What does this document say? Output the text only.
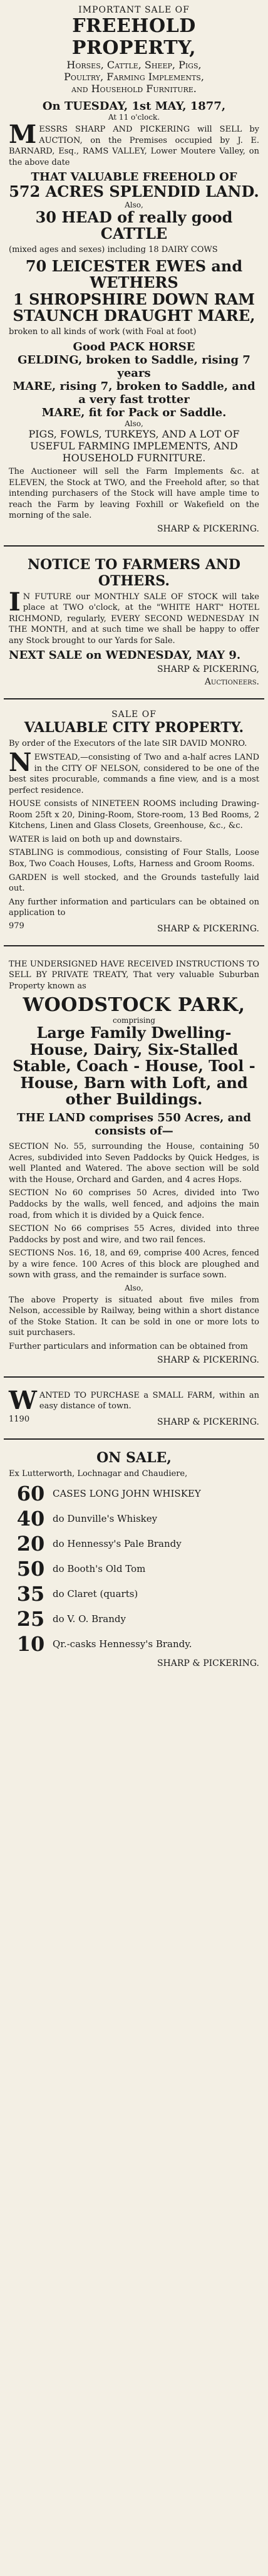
IMPORTANT SALE OF
FREEHOLD PROPERTY,
Horses, Cattle, Sheep, Pigs,
Poultry, Farming Implements,
and Household Furniture.
On TUESDAY, 1st MAY, 1877,
At 11 o'clock.

MESSRS SHARP AND PICKERING will SELL by AUCTION, on the Premises occupied by J. E. BARNARD, Esq., RAMS VALLEY, Lower Moutere Valley, on the above date

THAT VALUABLE FREEHOLD OF
572 ACRES SPLENDID LAND.
Also,
30 HEAD of really good CATTLE
(mixed ages and sexes) including 18 DAIRY COWS
70 LEICESTER EWES and WETHERS
1 SHROPSHIRE DOWN RAM
STAUNCH DRAUGHT MARE,
broken to all kinds of work (with Foal at foot)
Good PACK HORSE
GELDING, broken to Saddle, rising 7 years
MARE, rising 7, broken to Saddle, and a very fast trotter
MARE, fit for Pack or Saddle.
Also,
PIGS, FOWLS, TURKEYS, AND A LOT OF USEFUL FARMING IMPLEMENTS, AND HOUSEHOLD FURNITURE.

The Auctioneer will sell the Farm Implements &c. at ELEVEN, the Stock at TWO, and the Freehold after, so that intending purchasers of the Stock will have ample time to reach the Farm by leaving Foxhill or Wakefield on the morning of the sale.

SHARP & PICKERING.
NOTICE TO FARMERS AND OTHERS.

IN FUTURE our MONTHLY SALE OF STOCK will take place at TWO o'clock, at the "WHITE HART" HOTEL RICHMOND, regularly, EVERY SECOND WEDNESDAY IN THE MONTH, and at such time we shall be happy to offer any Stock brought to our Yards for Sale.

NEXT SALE on WEDNESDAY, MAY 9.
SHARP & PICKERING,
Auctioneers.
SALE OF
VALUABLE CITY PROPERTY.

By order of the Executors of the late SIR DAVID MONRO.

NEWSTEAD,—consisting of Two and a-half acres LAND in the CITY OF NELSON, considered to be one of the best sites procurable, commands a fine view, and is a most perfect residence.

HOUSE consists of NINETEEN ROOMS including Drawing-Room 25ft x 20, Dining-Room, Store-room, 13 Bed Rooms, 2 Kitchens, Linen and Glass Closets, Greenhouse, &c., &c.

WATER is laid on both up and downstairs.

STABLING is commodious, consisting of Four Stalls, Loose Box, Two Coach Houses, Lofts, Harness and Groom Rooms.

GARDEN is well stocked, and the Grounds tastefully laid out.

Any further information and particulars can be obtained on application to

979	SHARP & PICKERING.

THE UNDERSIGNED HAVE RECEIVED INSTRUCTIONS TO SELL BY PRIVATE TREATY, That very valuable Suburban Property known as

WOODSTOCK PARK,
comprising
Large Family Dwelling-House, Dairy, Six-Stalled Stable, Coach - House, Tool - House, Barn with Loft, and other Buildings.
THE LAND comprises 550 Acres, and consists of—

SECTION No. 55, surrounding the House, containing 50 Acres, subdivided into Seven Paddocks by Quick Hedges, is well Planted and Watered. The above section will be sold with the House, Orchard and Garden, and 4 acres Hops.

SECTION No 60 comprises 50 Acres, divided into Two Paddocks by the walls, well fenced, and adjoins the main road, from which it is divided by a Quick fence.

SECTION No 66 comprises 55 Acres, divided into three Paddocks by post and wire, and two rail fences.

SECTIONS Nos. 16, 18, and 69, comprise 400 Acres, fenced by a wire fence. 100 Acres of this block are ploughed and sown with grass, and the remainder is surface sown.

Also,

The above Property is situated about five miles from Nelson, accessible by Railway, being within a short distance of the Stoke Station. It can be sold in one or more lots to suit purchasers.

Further particulars and information can be obtained from

SHARP & PICKERING.

WANTED TO PURCHASE a SMALL FARM, within an easy distance of town.

1190	SHARP & PICKERING.
ON SALE,
Ex Lutterworth, Lochnagar and Chaudiere,
60 CASES LONG JOHN WHISKEY
40 do Dunville's Whiskey
20 do Hennessy's Pale Brandy
50 do Booth's Old Tom
35 do Claret (quarts)
25 do V. O. Brandy
10 Qr.-casks Hennessy's Brandy.
SHARP & PICKERING.
